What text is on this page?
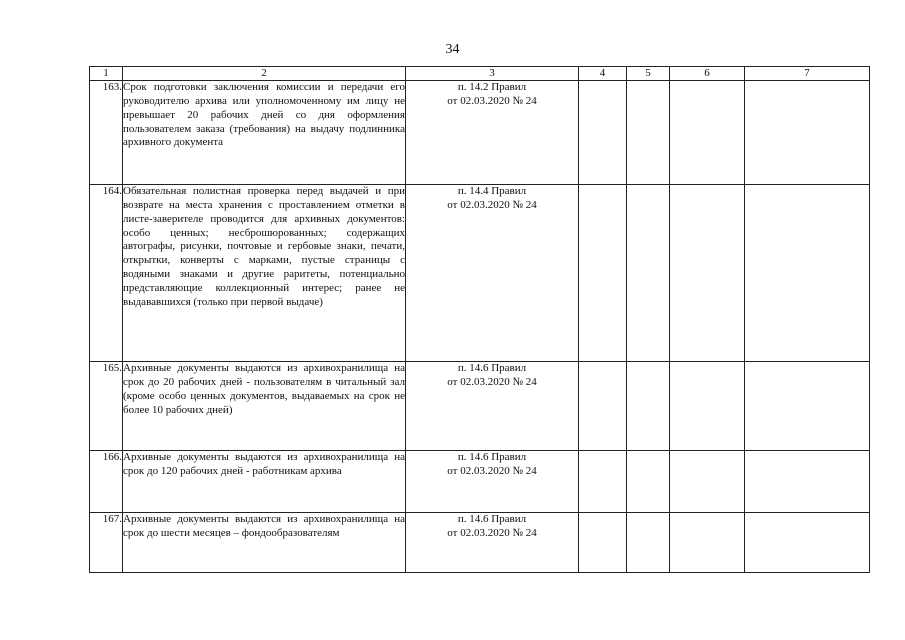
34
1	2	3	4	5	6	7
163.	Срок подготовки заключения комиссии и передачи его руководителю архива или уполномоченному им лицу не превышает 20 рабочих дней со дня оформления пользователем заказа (требования) на выдачу подлинника архивного документа	п. 14.2 Правил
от 02.03.2020 № 24				

164.	Обязательная полистная проверка перед выдачей и при возврате на места хранения с проставлением отметки в листе-заверителе проводится для архивных документов: особо ценных; несброшюрованных; содержащих автографы, рисунки, почтовые и гербовые знаки, печати, открытки, конверты с марками, пустые страницы с водяными знаками и другие раритеты, потенциально представляющие коллекционный интерес; ранее не выдававшихся (только при первой выдаче)	п. 14.4 Правил
от 02.03.2020 № 24				

165.	Архивные документы выдаются из архивохранилища на срок до 20 рабочих дней - пользователям в читальный зал (кроме особо ценных документов, выдаваемых на срок не более 10 рабочих дней)	п. 14.6 Правил
от 02.03.2020 № 24				

166.	Архивные документы выдаются из архивохранилища на срок до 120 рабочих дней - работникам архива	п. 14.6 Правил
от 02.03.2020 № 24				

167.	Архивные документы выдаются из архивохранилища на срок до шести месяцев – фондообразователям	п. 14.6 Правил
от 02.03.2020 № 24				
